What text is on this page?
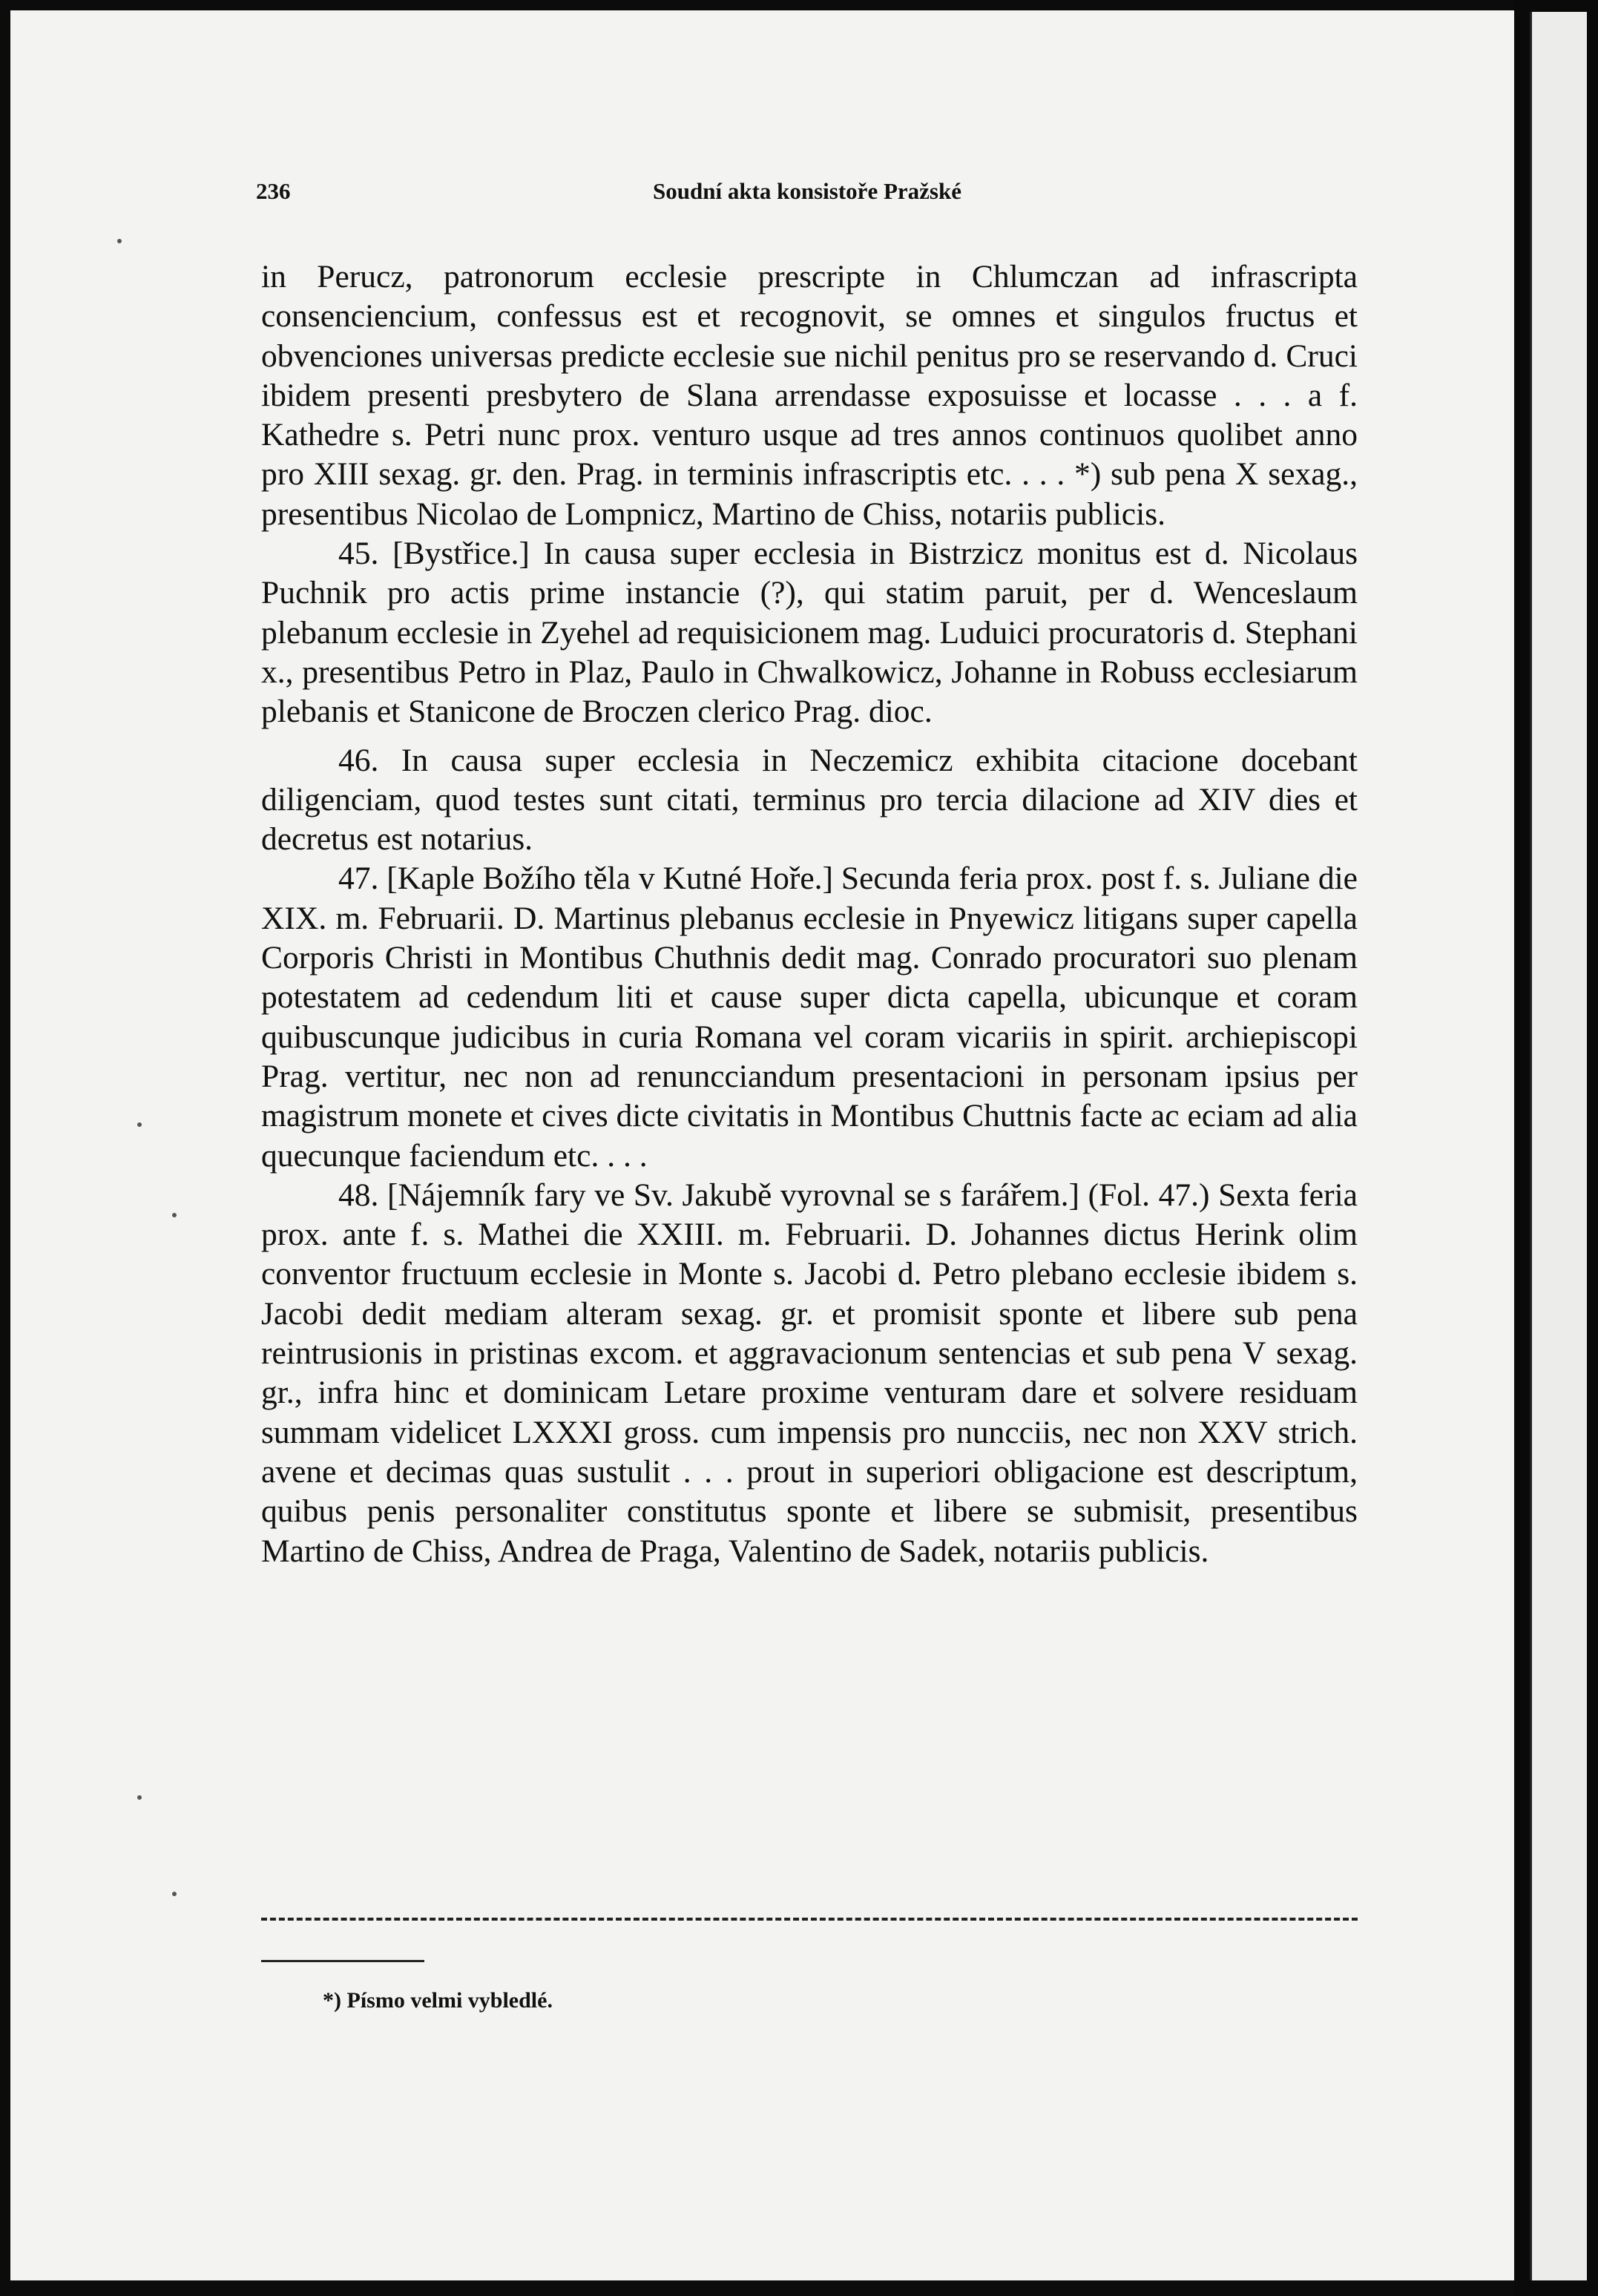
236	Soudní akta konsistoře Pražské

in Perucz, patronorum ecclesie prescripte in Chlumczan ad infrascripta consenciencium, confessus est et recognovit, se omnes et singulos fructus et obvenciones universas predicte ecclesie sue nichil penitus pro se reservando d. Cruci ibidem presenti presbytero de Slana arrendasse exposuisse et locasse . . . a f. Kathedre s. Petri nunc prox. venturo usque ad tres annos continuos quolibet anno pro XIII sexag. gr. den. Prag. in terminis infrascriptis etc. . . . *) sub pena X sexag., presentibus Nicolao de Lompnicz, Martino de Chiss, notariis publicis.

45. [Bystřice.] In causa super ecclesia in Bistrzicz monitus est d. Nicolaus Puchnik pro actis prime instancie (?), qui statim paruit, per d. Wenceslaum plebanum ecclesie in Zyehel ad requisicionem mag. Luduici procuratoris d. Stephani x., presentibus Petro in Plaz, Paulo in Chwalkowicz, Johanne in Robuss ecclesiarum plebanis et Stanicone de Broczen clerico Prag. dioc.

46. In causa super ecclesia in Neczemicz exhibita citacione docebant diligenciam, quod testes sunt citati, terminus pro tercia dilacione ad XIV dies et decretus est notarius.

47. [Kaple Božího těla v Kutné Hoře.] Secunda feria prox. post f. s. Juliane die XIX. m. Februarii. D. Martinus plebanus ecclesie in Pnyewicz litigans super capella Corporis Christi in Montibus Chuthnis dedit mag. Conrado procuratori suo plenam potestatem ad cedendum liti et cause super dicta capella, ubicunque et coram quibuscunque judicibus in curia Romana vel coram vicariis in spirit. archiepiscopi Prag. vertitur, nec non ad renuncciandum presentacioni in personam ipsius per magistrum monete et cives dicte civitatis in Montibus Chuttnis facte ac eciam ad alia quecunque faciendum etc. . . .

48. [Nájemník fary ve Sv. Jakubě vyrovnal se s farářem.] (Fol. 47.) Sexta feria prox. ante f. s. Mathei die XXIII. m. Februarii. D. Johannes dictus Herink olim conventor fructuum ecclesie in Monte s. Jacobi d. Petro plebano ecclesie ibidem s. Jacobi dedit mediam alteram sexag. gr. et promisit sponte et libere sub pena reintrusionis in pristinas excom. et aggravacionum sentencias et sub pena V sexag. gr., infra hinc et dominicam Letare proxime venturam dare et solvere residuam summam videlicet LXXXI gross. cum impensis pro nuncciis, nec non XXV strich. avene et decimas quas sustulit . . . prout in superiori obligacione est descriptum, quibus penis personaliter constitutus sponte et libere se submisit, presentibus Martino de Chiss, Andrea de Praga, Valentino de Sadek, notariis publicis.

*) Písmo velmi vybledlé.
